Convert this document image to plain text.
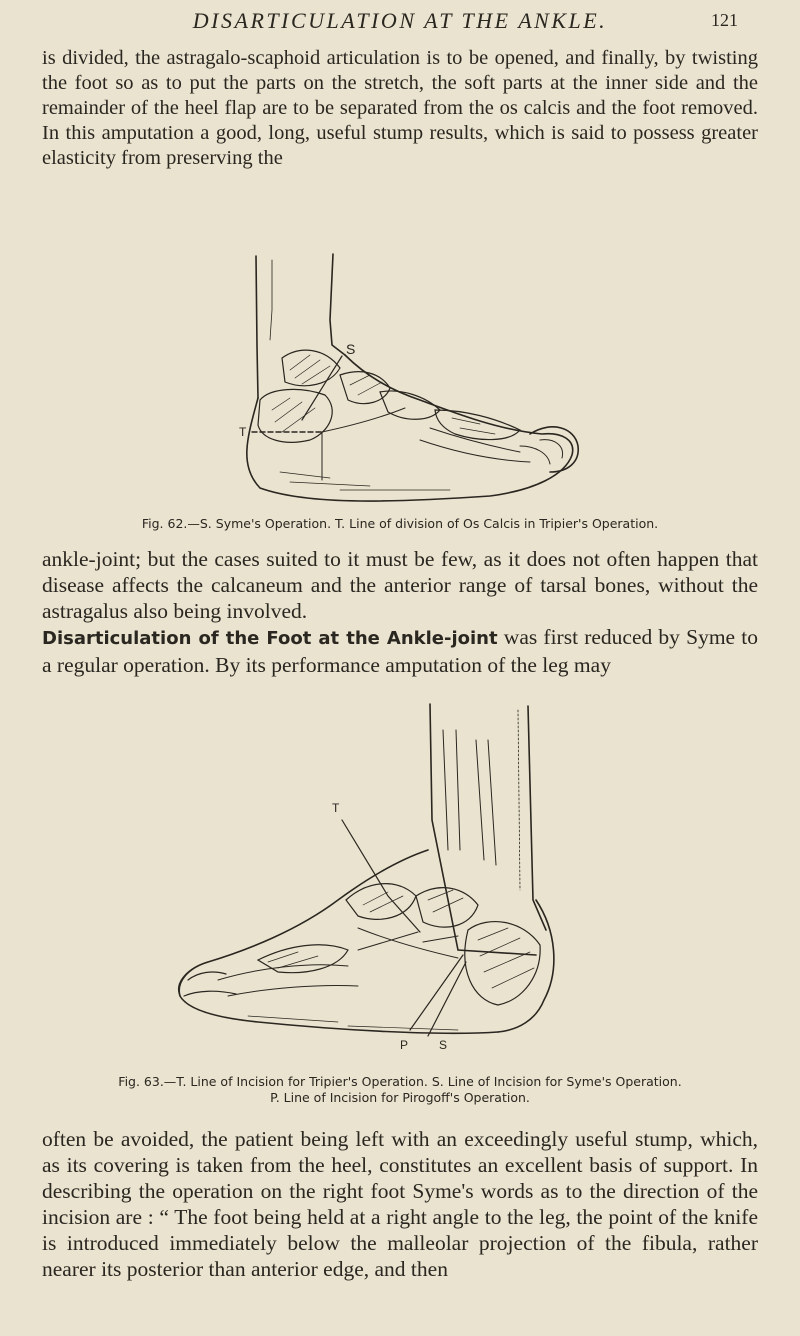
DISARTICULATION AT THE ANKLE.	121

is divided, the astragalo-scaphoid articulation is to be opened, and finally, by twisting the foot so as to put the parts on the stretch, the soft parts at the inner side and the remainder of the heel flap are to be separated from the os calcis and the foot removed. In this amputation a good, long, useful stump results, which is said to possess greater elasticity from preserving the

S
T
Fig. 62.—S. Syme's Operation. T. Line of division of Os Calcis in Tripier's Operation.

ankle-joint; but the cases suited to it must be few, as it does not often happen that disease affects the calcaneum and the anterior range of tarsal bones, without the astragalus also being involved.

Disarticulation of the Foot at the Ankle-joint was first reduced by Syme to a regular operation. By its performance amputation of the leg may

T
P	S
Fig. 63.—T. Line of Incision for Tripier's Operation. S. Line of Incision for Syme's Operation.
P. Line of Incision for Pirogoff's Operation.

often be avoided, the patient being left with an exceedingly useful stump, which, as its covering is taken from the heel, constitutes an excellent basis of support. In describing the operation on the right foot Syme's words as to the direction of the incision are : “ The foot being held at a right angle to the leg, the point of the knife is introduced immediately below the malleolar projection of the fibula, rather nearer its posterior than anterior edge, and then
